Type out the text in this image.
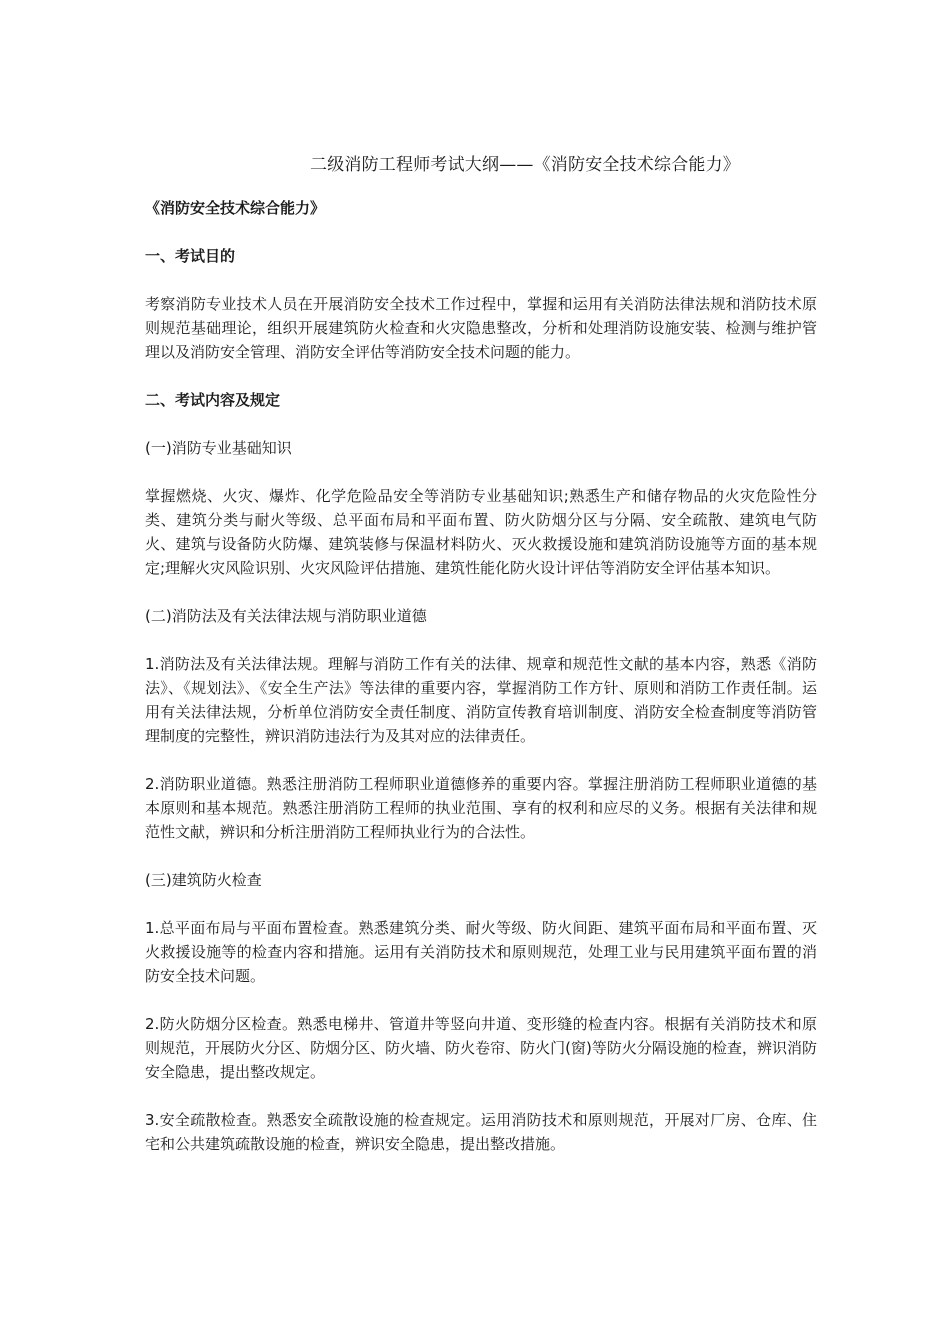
二级消防工程师考试大纲——《消防安全技术综合能力》

《消防安全技术综合能力》

一、考试目的

考察消防专业技术人员在开展消防安全技术工作过程中，掌握和运用有关消防法律法规和消防技术原则规范基础理论，组织开展建筑防火检查和火灾隐患整改，分析和处理消防设施安装、检测与维护管理以及消防安全管理、消防安全评估等消防安全技术问题的能力。

二、考试内容及规定

(一)消防专业基础知识

掌握燃烧、火灾、爆炸、化学危险品安全等消防专业基础知识;熟悉生产和储存物品的火灾危险性分类、建筑分类与耐火等级、总平面布局和平面布置、防火防烟分区与分隔、安全疏散、建筑电气防火、建筑与设备防火防爆、建筑装修与保温材料防火、灭火救援设施和建筑消防设施等方面的基本规定;理解火灾风险识别、火灾风险评估措施、建筑性能化防火设计评估等消防安全评估基本知识。

(二)消防法及有关法律法规与消防职业道德

1.消防法及有关法律法规。理解与消防工作有关的法律、规章和规范性文献的基本内容，熟悉《消防法》、《规划法》、《安全生产法》等法律的重要内容，掌握消防工作方针、原则和消防工作责任制。运用有关法律法规，分析单位消防安全责任制度、消防宣传教育培训制度、消防安全检查制度等消防管理制度的完整性，辨识消防违法行为及其对应的法律责任。

2.消防职业道德。熟悉注册消防工程师职业道德修养的重要内容。掌握注册消防工程师职业道德的基本原则和基本规范。熟悉注册消防工程师的执业范围、享有的权利和应尽的义务。根据有关法律和规范性文献，辨识和分析注册消防工程师执业行为的合法性。

(三)建筑防火检查

1.总平面布局与平面布置检查。熟悉建筑分类、耐火等级、防火间距、建筑平面布局和平面布置、灭火救援设施等的检查内容和措施。运用有关消防技术和原则规范，处理工业与民用建筑平面布置的消防安全技术问题。

2.防火防烟分区检查。熟悉电梯井、管道井等竖向井道、变形缝的检查内容。根据有关消防技术和原则规范，开展防火分区、防烟分区、防火墙、防火卷帘、防火门(窗)等防火分隔设施的检查，辨识消防安全隐患，提出整改规定。

3.安全疏散检查。熟悉安全疏散设施的检查规定。运用消防技术和原则规范，开展对厂房、仓库、住宅和公共建筑疏散设施的检查，辨识安全隐患，提出整改措施。
